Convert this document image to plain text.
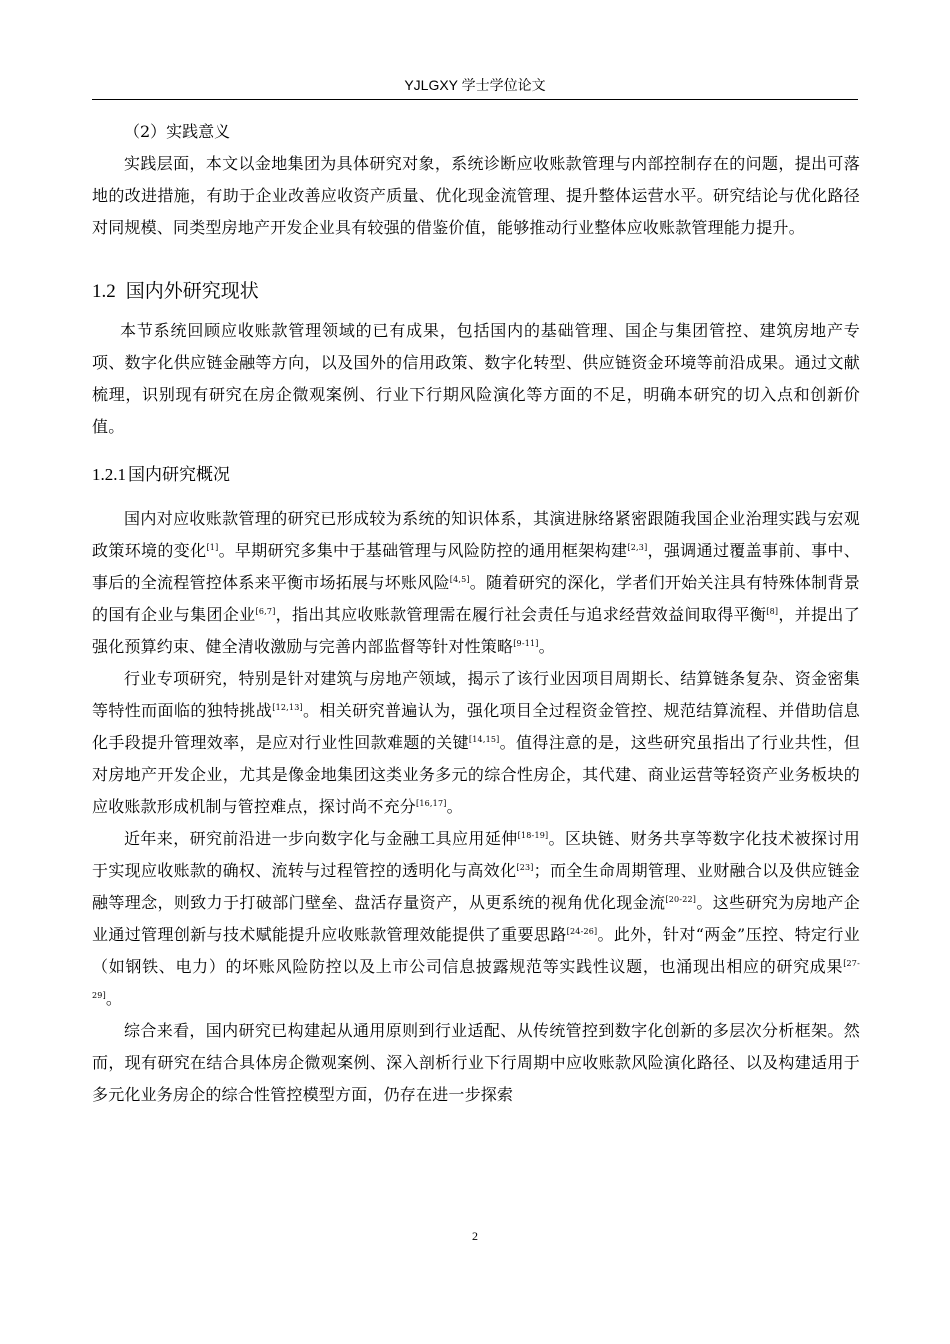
YJLGXY 学士学位论文
（2）实践意义

实践层面，本文以金地集团为具体研究对象，系统诊断应收账款管理与内部控制存在的问题，提出可落地的改进措施，有助于企业改善应收资产质量、优化现金流管理、提升整体运营水平。研究结论与优化路径对同规模、同类型房地产开发企业具有较强的借鉴价值，能够推动行业整体应收账款管理能力提升。

1.2 国内外研究现状

本节系统回顾应收账款管理领域的已有成果，包括国内的基础管理、国企与集团管控、建筑房地产专项、数字化供应链金融等方向，以及国外的信用政策、数字化转型、供应链资金环境等前沿成果。通过文献梳理，识别现有研究在房企微观案例、行业下行期风险演化等方面的不足，明确本研究的切入点和创新价值。

1.2.1 国内研究概况

国内对应收账款管理的研究已形成较为系统的知识体系，其演进脉络紧密跟随我国企业治理实践与宏观政策环境的变化[1]。早期研究多集中于基础管理与风险防控的通用框架构建[2,3]，强调通过覆盖事前、事中、事后的全流程管控体系来平衡市场拓展与坏账风险[4,5]。随着研究的深化，学者们开始关注具有特殊体制背景的国有企业与集团企业[6,7]，指出其应收账款管理需在履行社会责任与追求经营效益间取得平衡[8]，并提出了强化预算约束、健全清收激励与完善内部监督等针对性策略[9-11]。

行业专项研究，特别是针对建筑与房地产领域，揭示了该行业因项目周期长、结算链条复杂、资金密集等特性而面临的独特挑战[12,13]。相关研究普遍认为，强化项目全过程资金管控、规范结算流程、并借助信息化手段提升管理效率，是应对行业性回款难题的关键[14,15]。值得注意的是，这些研究虽指出了行业共性，但对房地产开发企业，尤其是像金地集团这类业务多元的综合性房企，其代建、商业运营等轻资产业务板块的应收账款形成机制与管控难点，探讨尚不充分[16,17]。

近年来，研究前沿进一步向数字化与金融工具应用延伸[18-19]。区块链、财务共享等数字化技术被探讨用于实现应收账款的确权、流转与过程管控的透明化与高效化[23]；而全生命周期管理、业财融合以及供应链金融等理念，则致力于打破部门壁垒、盘活存量资产，从更系统的视角优化现金流[20-22]。这些研究为房地产企业通过管理创新与技术赋能提升应收账款管理效能提供了重要思路[24-26]。此外，针对“两金”压控、特定行业（如钢铁、电力）的坏账风险防控以及上市公司信息披露规范等实践性议题，也涌现出相应的研究成果[27-29]。

综合来看，国内研究已构建起从通用原则到行业适配、从传统管控到数字化创新的多层次分析框架。然而，现有研究在结合具体房企微观案例、深入剖析行业下行周期中应收账款风险演化路径、以及构建适用于多元化业务房企的综合性管控模型方面，仍存在进一步探索

2
